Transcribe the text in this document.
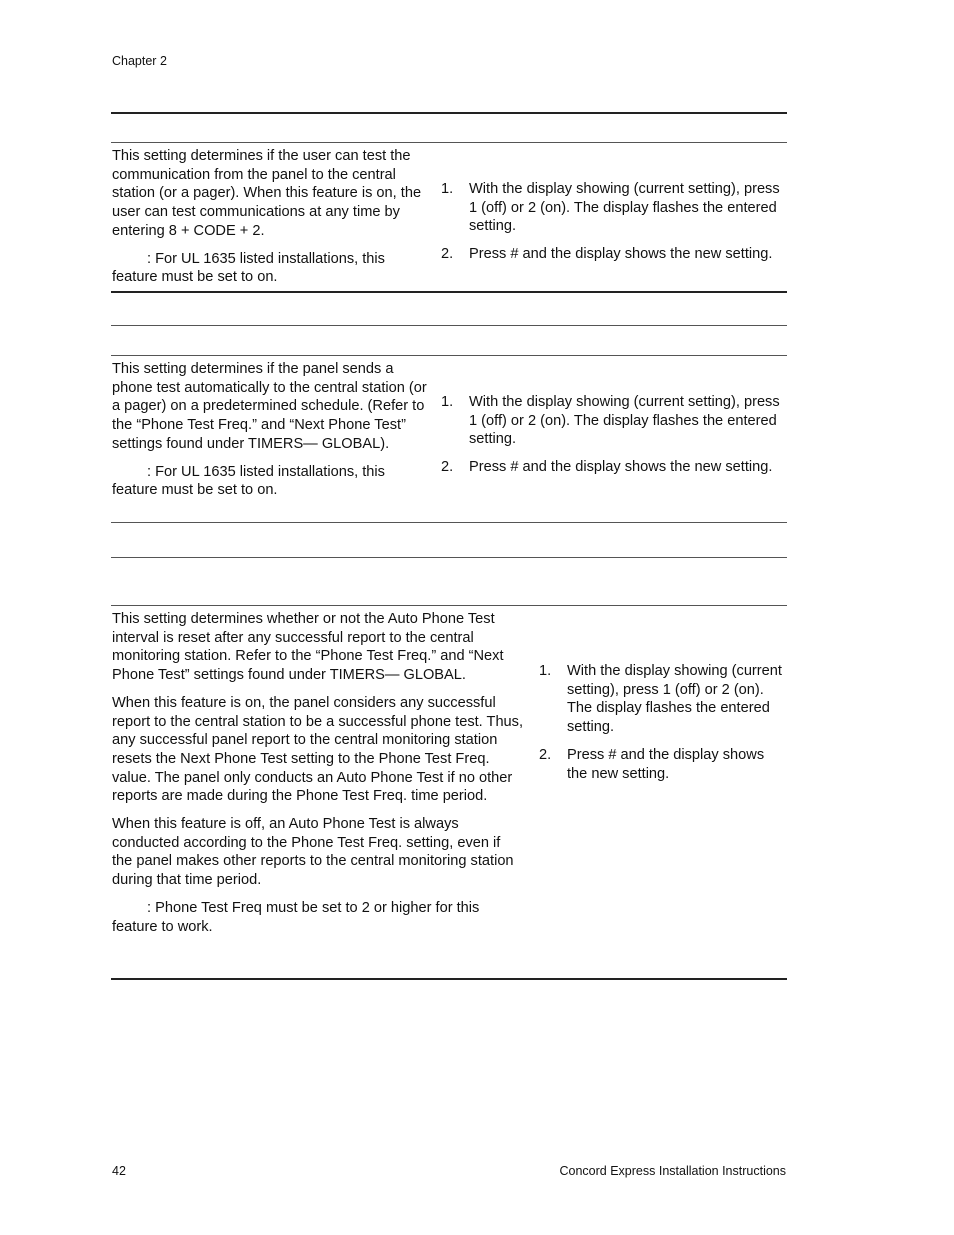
Chapter 2

This setting determines if the user can test the communication from the panel to the central station (or a pager). When this feature is on, the user can test communications at any time by entering 8 + CODE + 2.

: For UL 1635 listed installations, this feature must be set to on.

1.	With the display showing (current setting), press 1 (off) or 2 (on). The display flashes the entered setting.
2.	Press # and the display shows the new setting.

This setting determines if the panel sends a phone test automatically to the central station (or a pager) on a predetermined schedule. (Refer to the “Phone Test Freq.” and “Next Phone Test” settings found under TIMERS— GLOBAL).

: For UL 1635 listed installations, this feature must be set to on.

1.	With the display showing (current setting), press 1 (off) or 2 (on). The display flashes the entered setting.
2.	Press # and the display shows the new setting.

This setting determines whether or not the Auto Phone Test interval is reset after any successful report to the central monitoring station. Refer to the “Phone Test Freq.” and “Next Phone Test” settings found under TIMERS— GLOBAL.

When this feature is on, the panel considers any successful report to the central station to be a successful phone test. Thus, any successful panel report to the central monitoring station resets the Next Phone Test setting to the Phone Test Freq. value. The panel only conducts an Auto Phone Test if no other reports are made during the Phone Test Freq. time period.

When this feature is off, an Auto Phone Test is always conducted according to the Phone Test Freq. setting, even if the panel makes other reports to the central monitoring station during that time period.

: Phone Test Freq must be set to 2 or higher for this feature to work.

1.	With the display showing (current setting), press 1 (off) or 2 (on). The display flashes the entered setting.
2.	Press # and the display shows the new setting.
42	Concord Express Installation Instructions
